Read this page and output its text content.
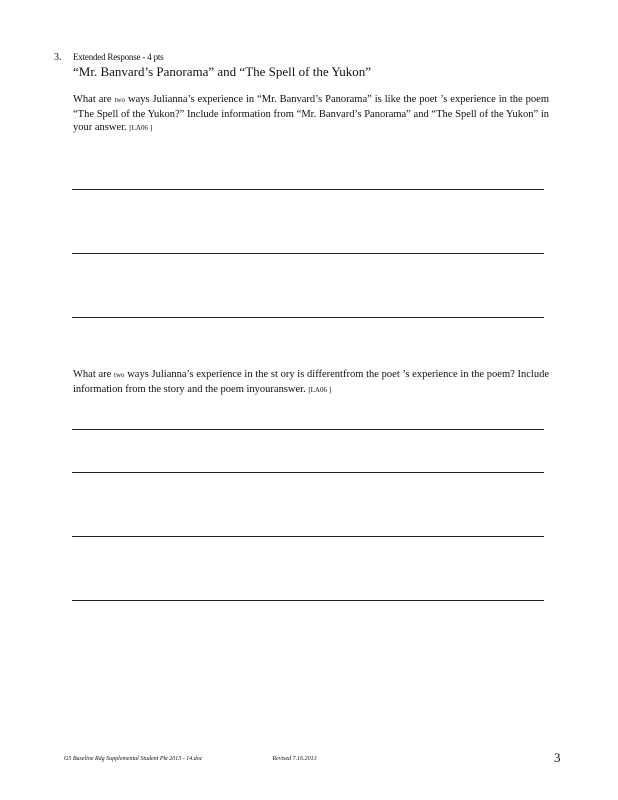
3. Extended Response - 4 pts
“Mr. Banvard’s Panorama” and “The Spell of the Yukon”
What are two ways Julianna’s experience in “Mr. Banvard’s Panorama” is like the poet ’s experience in the poem “The Spell of the Yukon?” Include information from “Mr. Banvard’s Panorama” and “The Spell of the Yukon” in your answer. [LA06 ]
What are two ways Julianna’s experience in the st ory is differentfrom the poet ’s experience in the poem? Include information from the story and the poem inyouranswer. [LA06 ]
G5 Baseline Rdg Supplemental Student Pkt 2013 - 14.doc	Revised 7.16.2013	3
